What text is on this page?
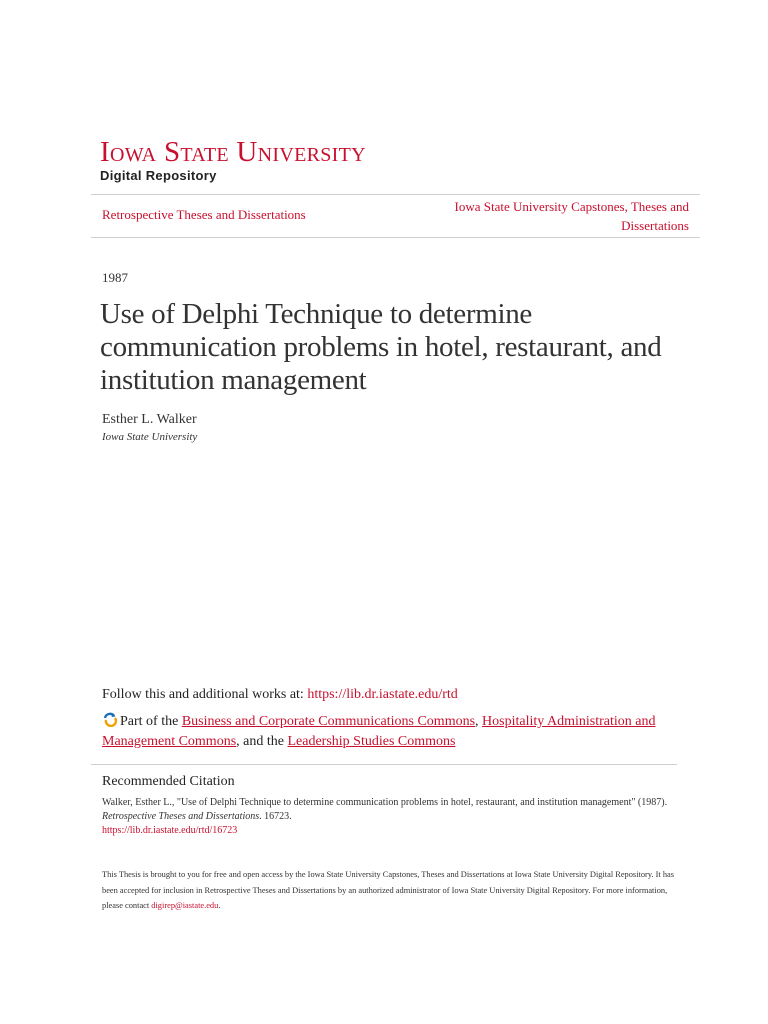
Iowa State University
Digital Repository
Retrospective Theses and Dissertations
Iowa State University Capstones, Theses and Dissertations
1987
Use of Delphi Technique to determine communication problems in hotel, restaurant, and institution management
Esther L. Walker
Iowa State University
Follow this and additional works at: https://lib.dr.iastate.edu/rtd
Part of the Business and Corporate Communications Commons, Hospitality Administration and Management Commons, and the Leadership Studies Commons
Recommended Citation
Walker, Esther L., "Use of Delphi Technique to determine communication problems in hotel, restaurant, and institution management" (1987). Retrospective Theses and Dissertations. 16723.
https://lib.dr.iastate.edu/rtd/16723
This Thesis is brought to you for free and open access by the Iowa State University Capstones, Theses and Dissertations at Iowa State University Digital Repository. It has been accepted for inclusion in Retrospective Theses and Dissertations by an authorized administrator of Iowa State University Digital Repository. For more information, please contact digirep@iastate.edu.
